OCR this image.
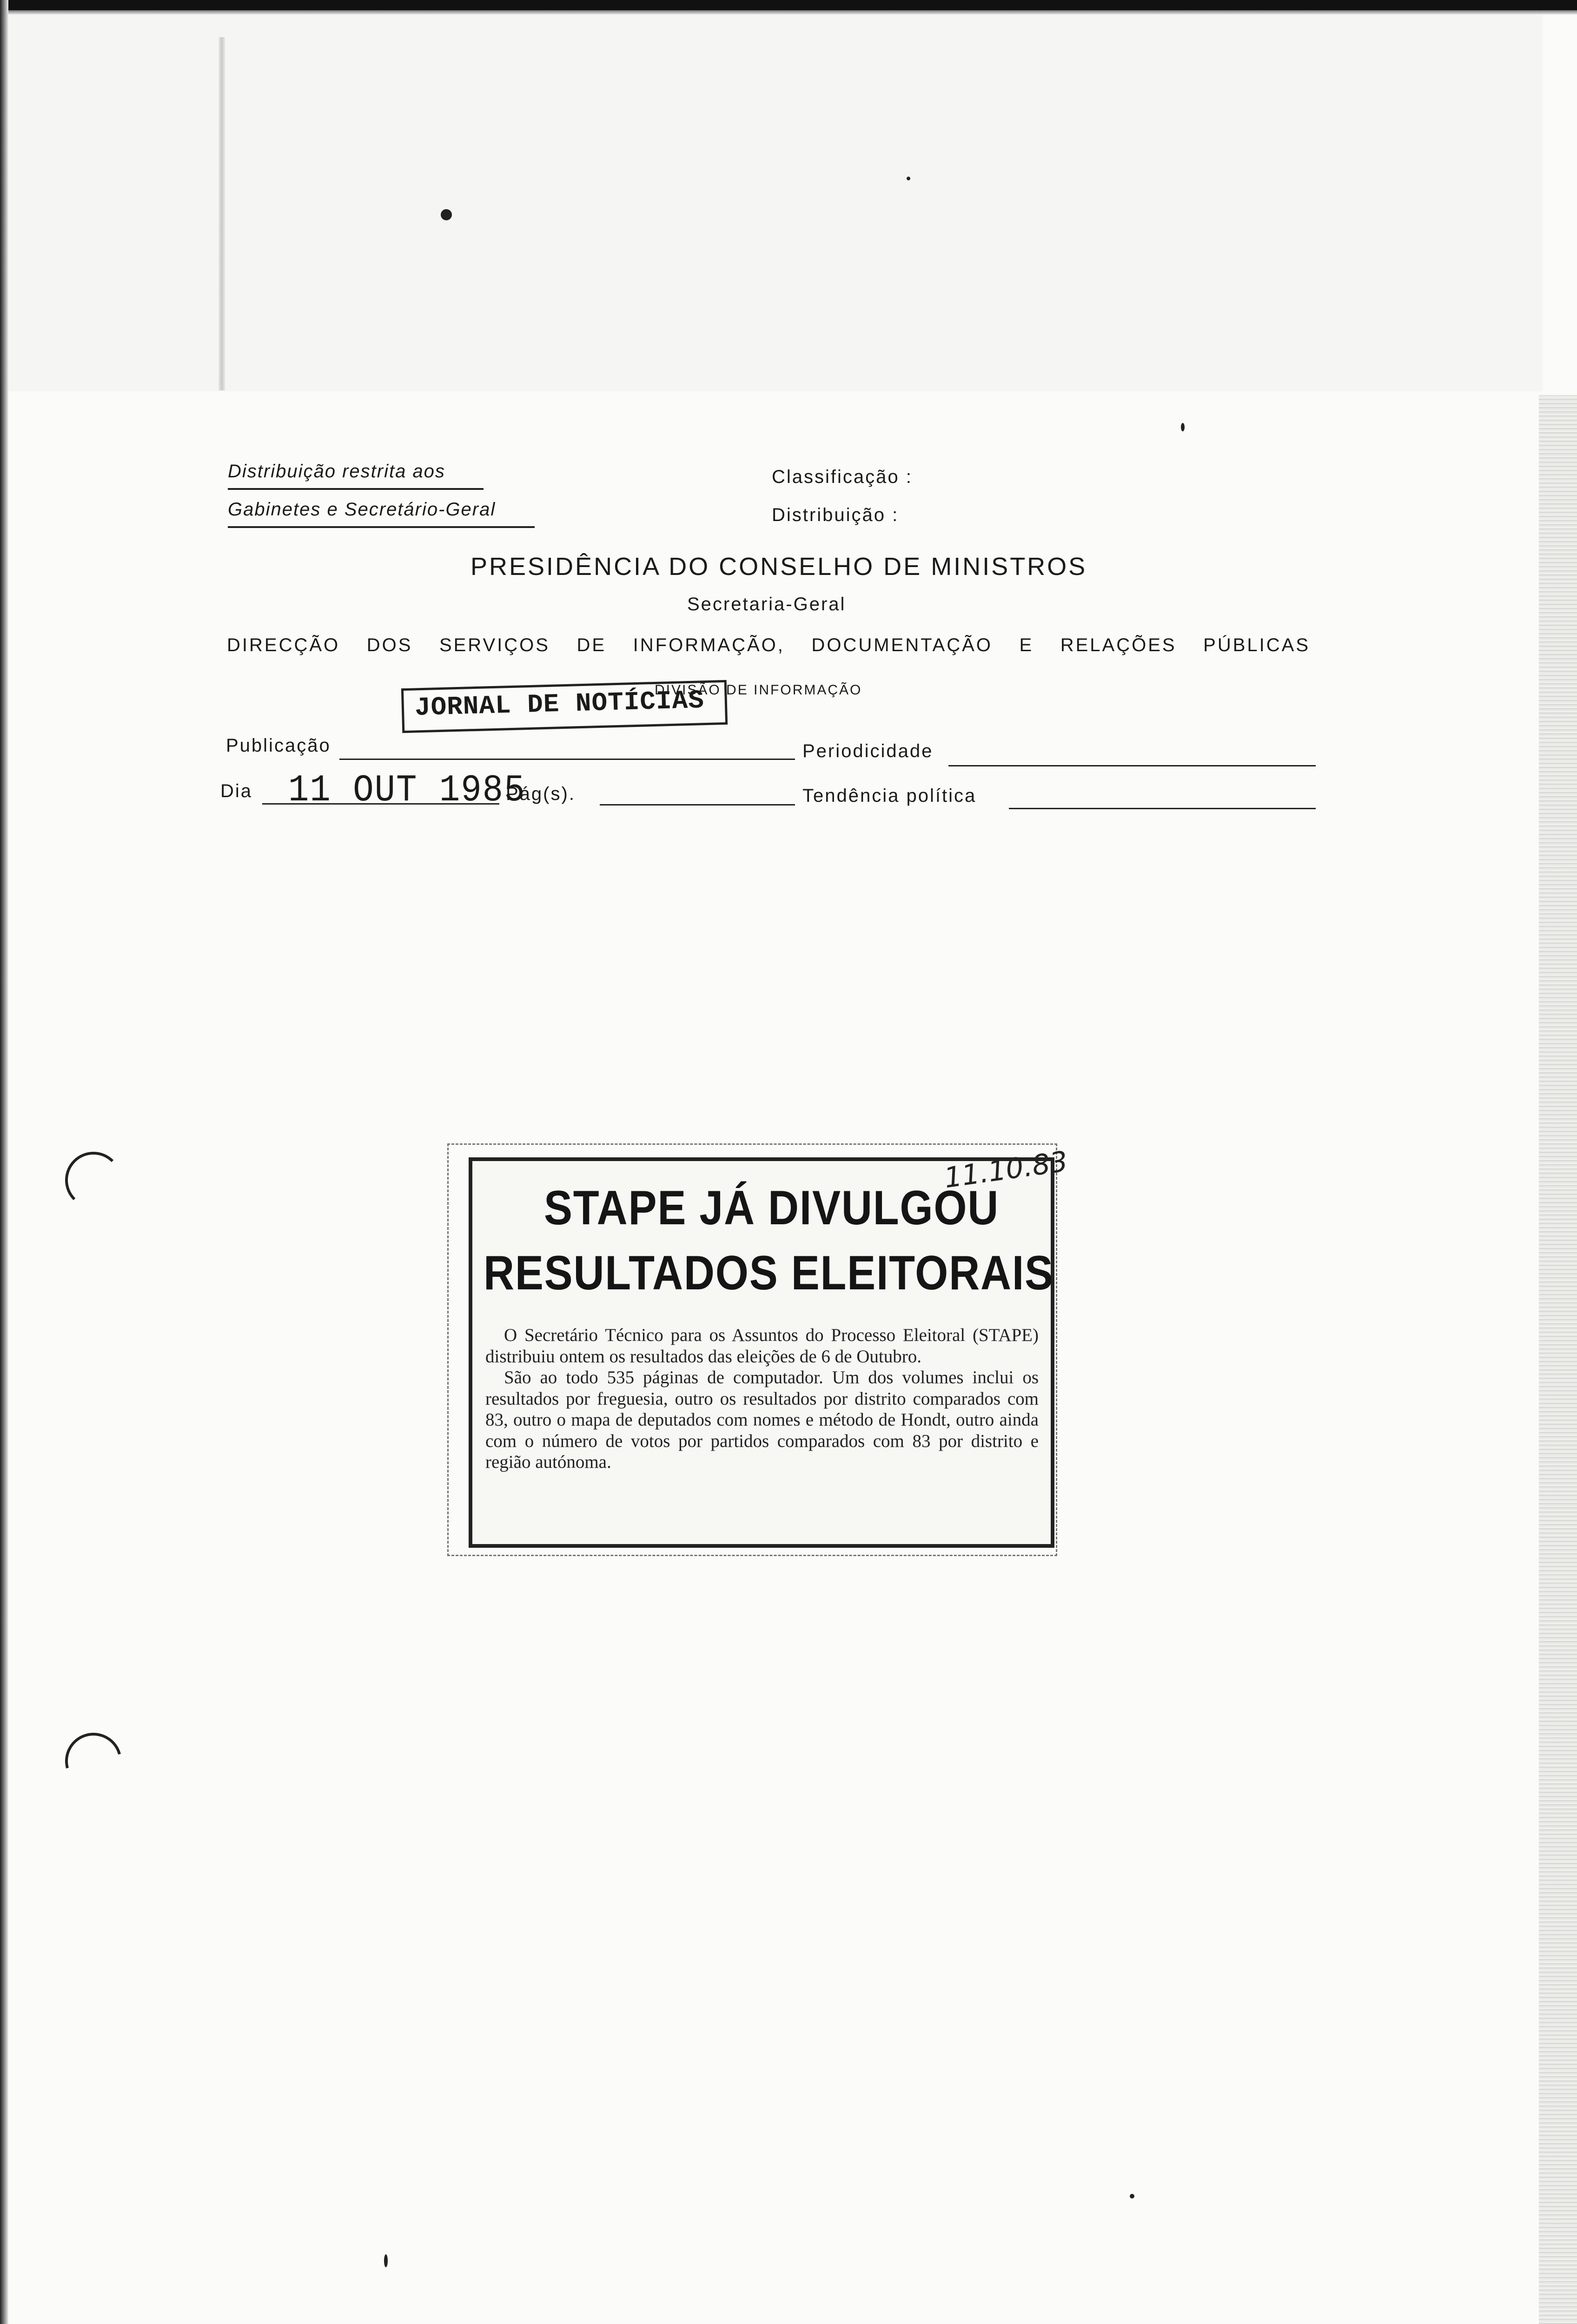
Distribuição restrita aos
Gabinetes e Secretário-Geral
Classificação :
Distribuição :
PRESIDÊNCIA DO CONSELHO DE MINISTROS
Secretaria-Geral
DIRECÇÃO DOS SERVIÇOS DE INFORMAÇÃO, DOCUMENTAÇÃO E RELAÇÕES PÚBLICAS
DIVISÃO DE INFORMAÇÃO
Publicação
JORNAL DE NOTÍCIAS
Periodicidade
Dia 11 OUT 1985
Pág(s).	Tendência política
STAPE JÁ DIVULGOU
RESULTADOS ELEITORAIS
11.10.83

O Secretário Técnico para os Assuntos do Processo Eleitoral (STAPE) distribuiu ontem os resultados das eleições de 6 de Outubro.

São ao todo 535 páginas de computador. Um dos volumes inclui os resultados por freguesia, outro os resultados por distrito comparados com 83, outro o mapa de deputados com nomes e método de Hondt, outro ainda com o número de votos por partidos comparados com 83 por distrito e região autónoma.
